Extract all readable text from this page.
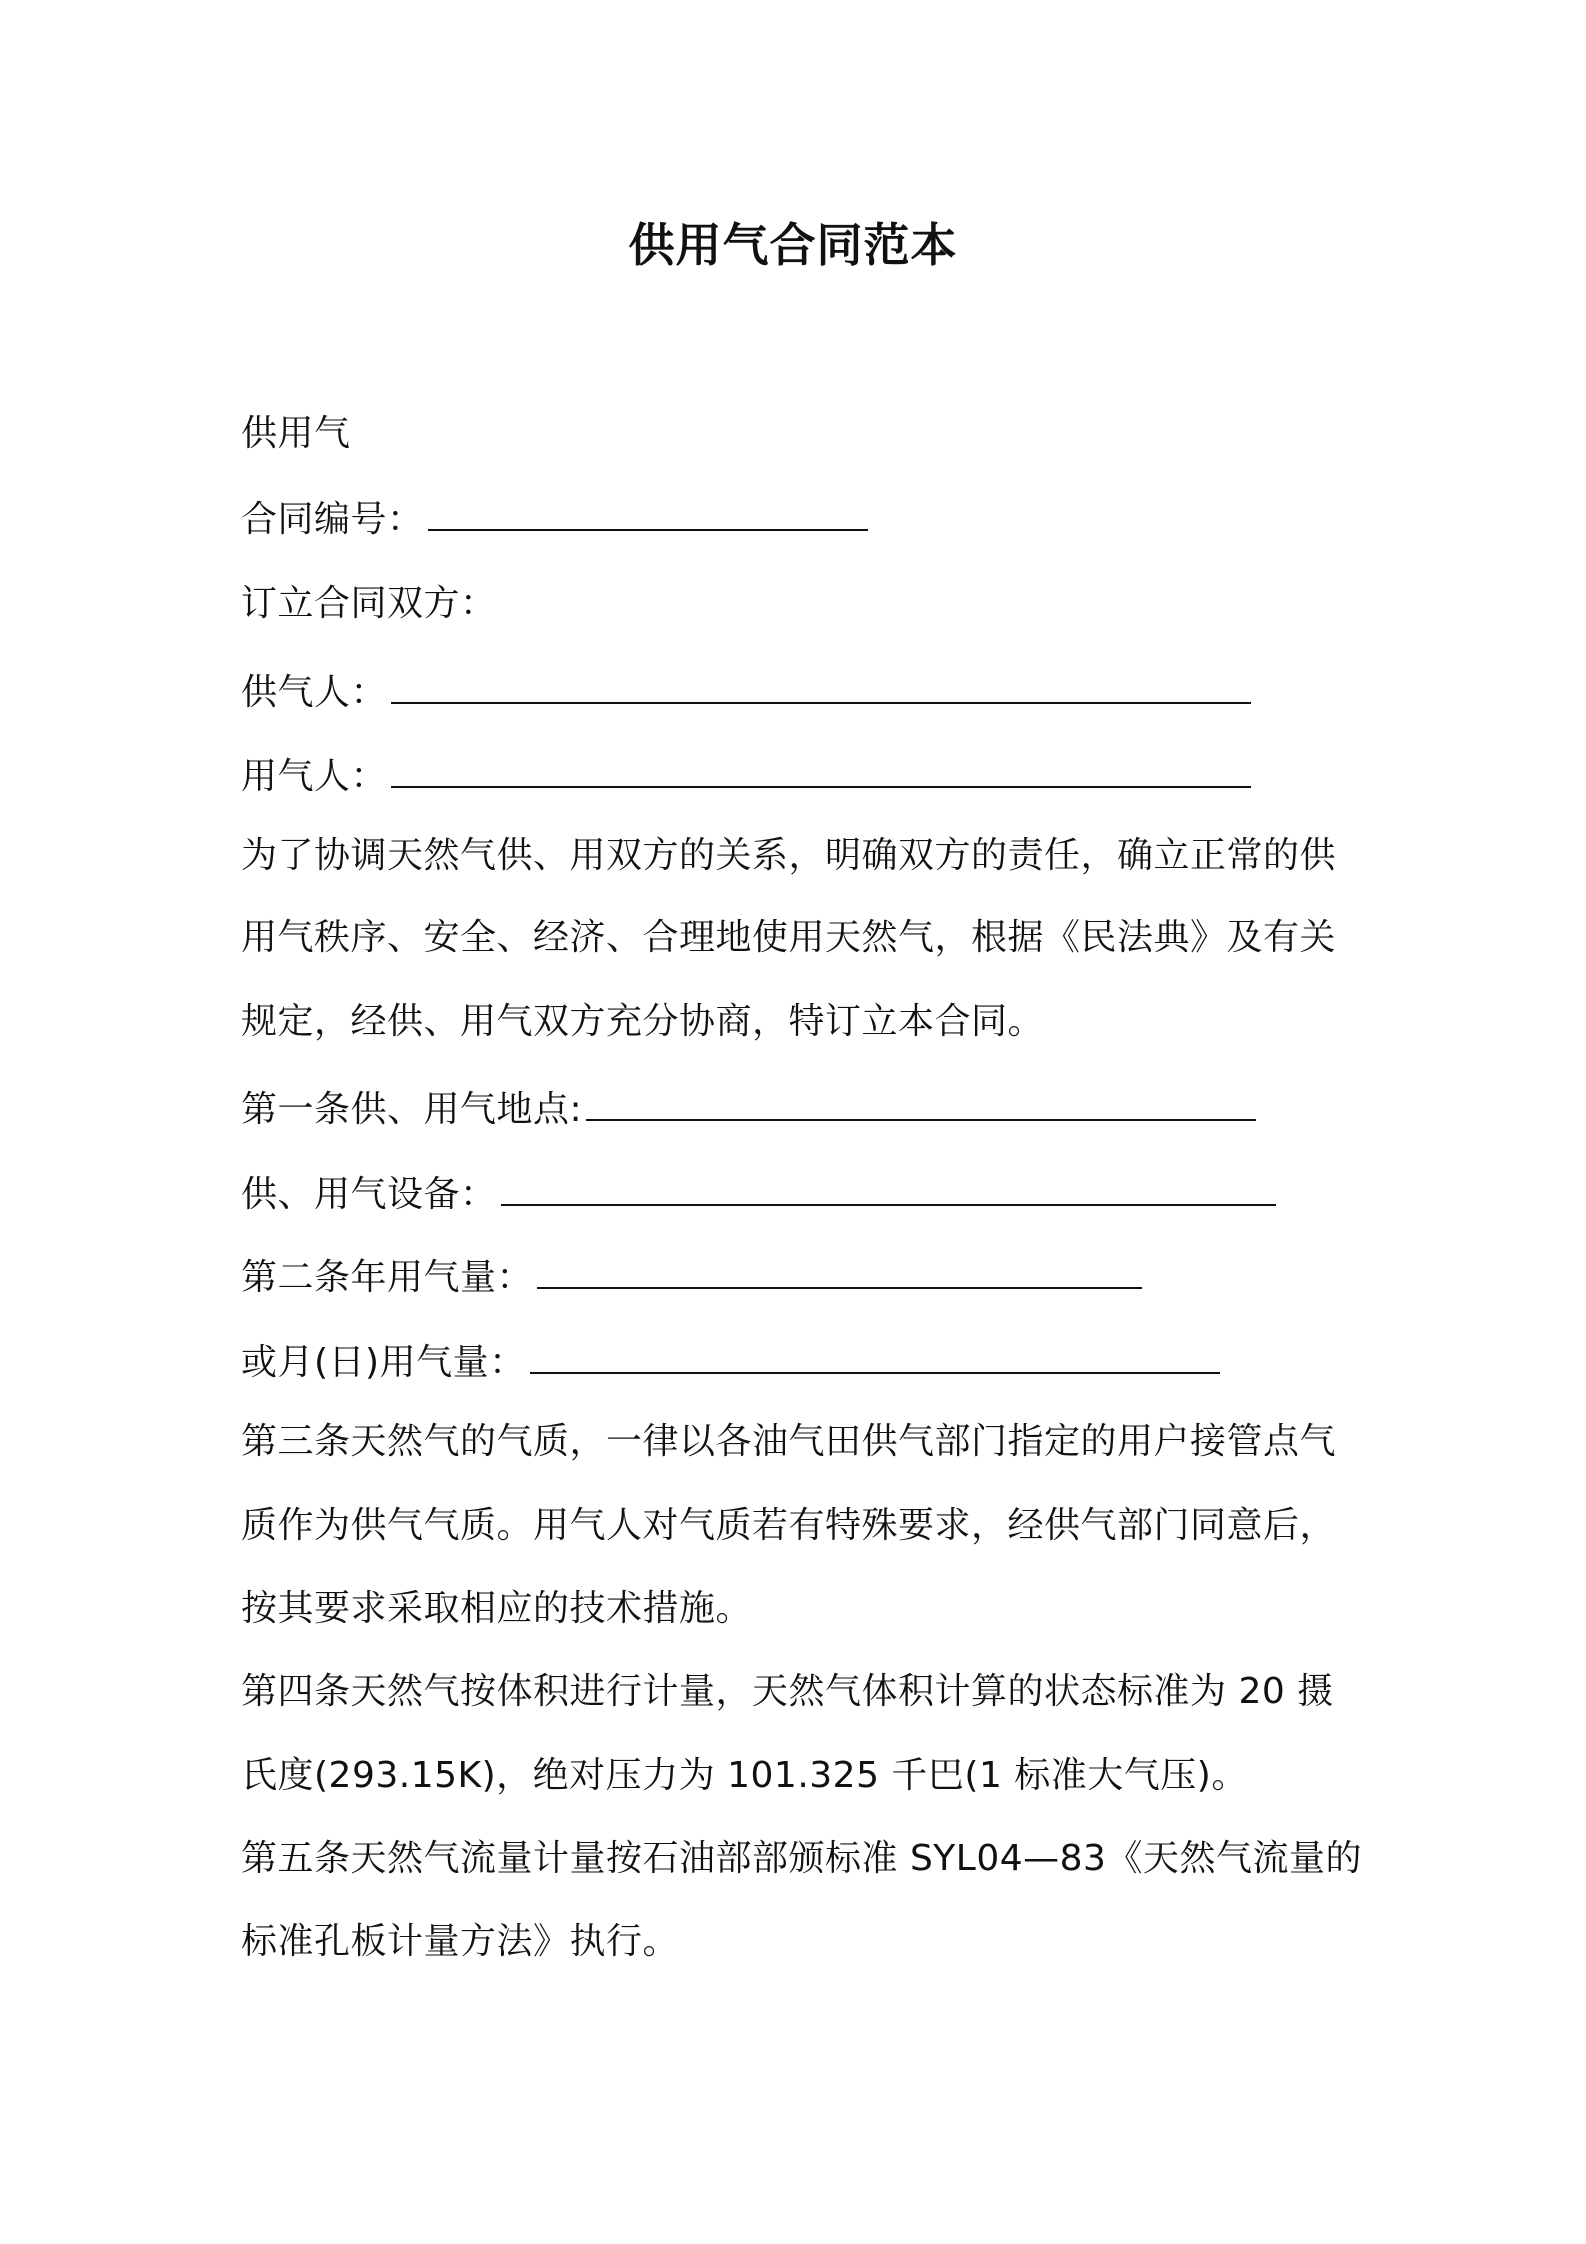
供用气合同范本
供用气
合同编号：
订立合同双方：
供气人：
用气人：
为了协调天然气供、用双方的关系，明确双方的责任，确立正常的供
用气秩序、安全、经济、合理地使用天然气，根据《民法典》及有关
规定，经供、用气双方充分协商，特订立本合同。
第一条供、用气地点:
供、用气设备：
第二条年用气量：
或月(日)用气量：
第三条天然气的气质，一律以各油气田供气部门指定的用户接管点气
质作为供气气质。用气人对气质若有特殊要求，经供气部门同意后，
按其要求采取相应的技术措施。
第四条天然气按体积进行计量，天然气体积计算的状态标准为 20 摄
氏度(293.15K)，绝对压力为 101.325 千巴(1 标准大气压)。
第五条天然气流量计量按石油部部颁标准 SYL04—83《天然气流量的
标准孔板计量方法》执行。
